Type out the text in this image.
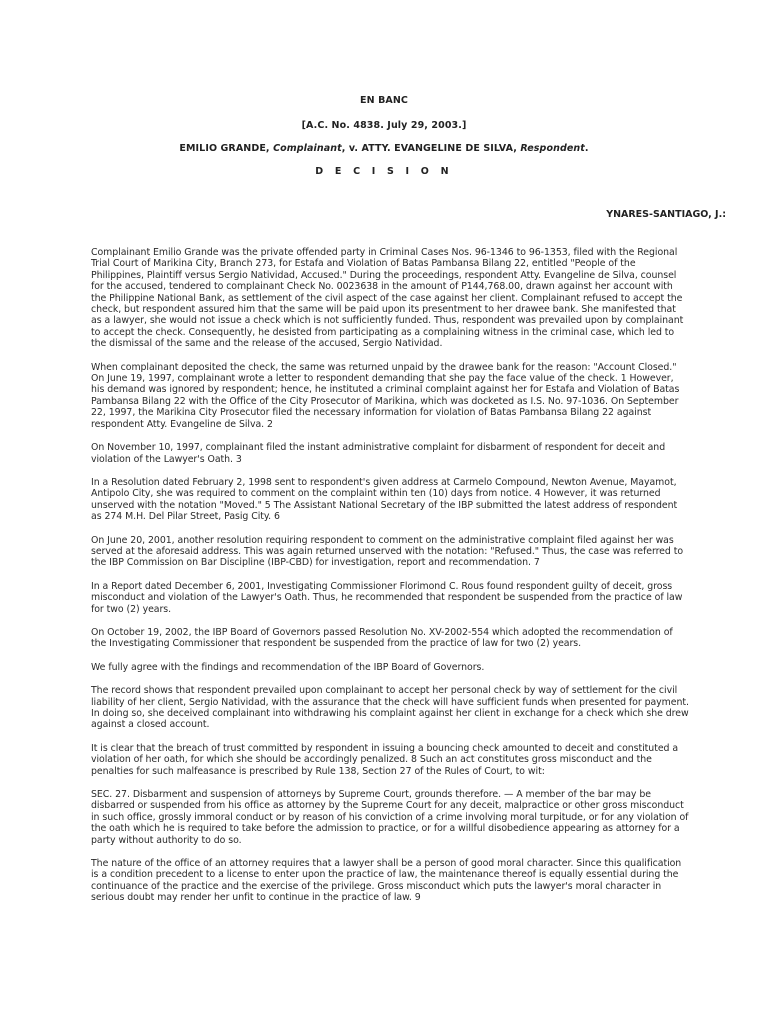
EN BANC
[A.C. No. 4838. July 29, 2003.]
EMILIO GRANDE, Complainant, v. ATTY. EVANGELINE DE SILVA, Respondent.
D E C I S I O N
YNARES-SANTIAGO, J.:

Complainant Emilio Grande was the private offended party in Criminal Cases Nos. 96-1346 to 96-1353, filed with the Regional Trial Court of Marikina City, Branch 273, for Estafa and Violation of Batas Pambansa Bilang 22, entitled "People of the Philippines, Plaintiff versus Sergio Natividad, Accused." During the proceedings, respondent Atty. Evangeline de Silva, counsel for the accused, tendered to complainant Check No. 0023638 in the amount of P144,768.00, drawn against her account with the Philippine National Bank, as settlement of the civil aspect of the case against her client. Complainant refused to accept the check, but respondent assured him that the same will be paid upon its presentment to her drawee bank. She manifested that as a lawyer, she would not issue a check which is not sufficiently funded. Thus, respondent was prevailed upon by complainant to accept the check. Consequently, he desisted from participating as a complaining witness in the criminal case, which led to the dismissal of the same and the release of the accused, Sergio Natividad.

When complainant deposited the check, the same was returned unpaid by the drawee bank for the reason: "Account Closed." On June 19, 1997, complainant wrote a letter to respondent demanding that she pay the face value of the check. 1 However, his demand was ignored by respondent; hence, he instituted a criminal complaint against her for Estafa and Violation of Batas Pambansa Bilang 22 with the Office of the City Prosecutor of Marikina, which was docketed as I.S. No. 97-1036. On September 22, 1997, the Marikina City Prosecutor filed the necessary information for violation of Batas Pambansa Bilang 22 against respondent Atty. Evangeline de Silva. 2

On November 10, 1997, complainant filed the instant administrative complaint for disbarment of respondent for deceit and violation of the Lawyer's Oath. 3

In a Resolution dated February 2, 1998 sent to respondent's given address at Carmelo Compound, Newton Avenue, Mayamot, Antipolo City, she was required to comment on the complaint within ten (10) days from notice. 4 However, it was returned unserved with the notation "Moved." 5 The Assistant National Secretary of the IBP submitted the latest address of respondent as 274 M.H. Del Pilar Street, Pasig City. 6

On June 20, 2001, another resolution requiring respondent to comment on the administrative complaint filed against her was served at the aforesaid address. This was again returned unserved with the notation: "Refused." Thus, the case was referred to the IBP Commission on Bar Discipline (IBP-CBD) for investigation, report and recommendation. 7

In a Report dated December 6, 2001, Investigating Commissioner Florimond C. Rous found respondent guilty of deceit, gross misconduct and violation of the Lawyer's Oath. Thus, he recommended that respondent be suspended from the practice of law for two (2) years.

On October 19, 2002, the IBP Board of Governors passed Resolution No. XV-2002-554 which adopted the recommendation of the Investigating Commissioner that respondent be suspended from the practice of law for two (2) years.

We fully agree with the findings and recommendation of the IBP Board of Governors.

The record shows that respondent prevailed upon complainant to accept her personal check by way of settlement for the civil liability of her client, Sergio Natividad, with the assurance that the check will have sufficient funds when presented for payment. In doing so, she deceived complainant into withdrawing his complaint against her client in exchange for a check which she drew against a closed account.

It is clear that the breach of trust committed by respondent in issuing a bouncing check amounted to deceit and constituted a violation of her oath, for which she should be accordingly penalized. 8 Such an act constitutes gross misconduct and the penalties for such malfeasance is prescribed by Rule 138, Section 27 of the Rules of Court, to wit:

SEC. 27. Disbarment and suspension of attorneys by Supreme Court, grounds therefore. — A member of the bar may be disbarred or suspended from his office as attorney by the Supreme Court for any deceit, malpractice or other gross misconduct in such office, grossly immoral conduct or by reason of his conviction of a crime involving moral turpitude, or for any violation of the oath which he is required to take before the admission to practice, or for a willful disobedience appearing as attorney for a party without authority to do so.

The nature of the office of an attorney requires that a lawyer shall be a person of good moral character. Since this qualification is a condition precedent to a license to enter upon the practice of law, the maintenance thereof is equally essential during the continuance of the practice and the exercise of the privilege. Gross misconduct which puts the lawyer's moral character in serious doubt may render her unfit to continue in the practice of law. 9
